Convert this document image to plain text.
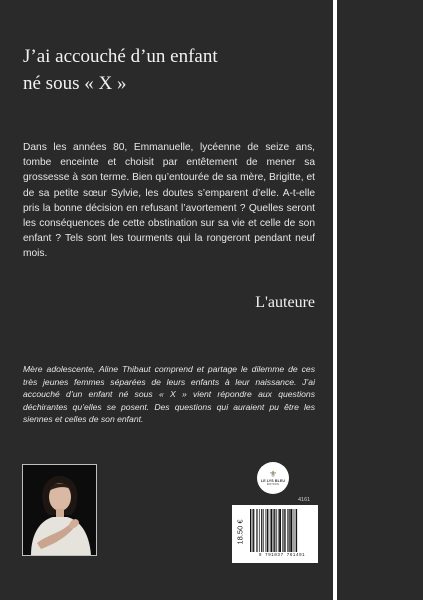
J’ai accouché d’un enfant
né sous « X »

Dans les années 80, Emmanuelle, lycéenne de seize ans, tombe enceinte et choisit par entêtement de mener sa grossesse à son terme. Bien qu’entourée de sa mère, Brigitte, et de sa petite sœur Sylvie, les doutes s’emparent d’elle. A-t-elle pris la bonne décision en refusant l’avortement ? Quelles seront les conséquences de cette obstination sur sa vie et celle de son enfant ? Tels sont les tourments qui la rongeront pendant neuf mois.

L'auteure

Mère adolescente, Aline Thibaut comprend et partage le dilemme de ces très jeunes femmes séparées de leurs enfants à leur naissance. J’ai accouché d’un enfant né sous « X » vient répondre aux questions déchirantes qu’elles se posent. Des questions qui auraient pu être les siennes et celles de son enfant.

⚜
LE LYS BLEU
ÉDITIONS
4161
18.50 €
9 791037 761491
